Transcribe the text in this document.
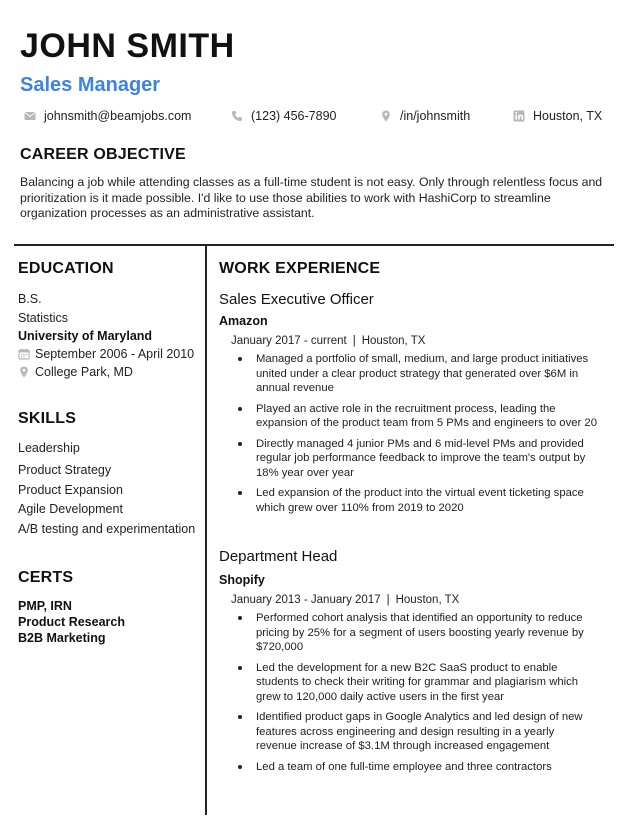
JOHN SMITH
Sales Manager
johnsmith@beamjobs.com	(123) 456-7890	/in/johnsmith	Houston, TX
CAREER OBJECTIVE
Balancing a job while attending classes as a full-time student is not easy. Only through relentless focus and prioritization is it made possible. I'd like to use those abilities to work with HashiCorp to streamline organization processes as an administrative assistant.
EDUCATION
B.S.
Statistics
University of Maryland
September 2006 - April 2010
College Park, MD
SKILLS
Leadership
Product Strategy
Product Expansion
Agile Development
A/B testing and experimentation
CERTS
PMP, IRN
Product Research
B2B Marketing
WORK EXPERIENCE
Sales Executive Officer
Amazon
January 2017 - current | Houston, TX
Managed a portfolio of small, medium, and large product initiatives united under a clear product strategy that generated over $6M in annual revenue
Played an active role in the recruitment process, leading the expansion of the product team from 5 PMs and engineers to over 20
Directly managed 4 junior PMs and 6 mid-level PMs and provided regular job performance feedback to improve the team's output by 18% year over year
Led expansion of the product into the virtual event ticketing space which grew over 110% from 2019 to 2020
Department Head
Shopify
January 2013 - January 2017 | Houston, TX
Performed cohort analysis that identified an opportunity to reduce pricing by 25% for a segment of users boosting yearly revenue by $720,000
Led the development for a new B2C SaaS product to enable students to check their writing for grammar and plagiarism which grew to 120,000 daily active users in the first year
Identified product gaps in Google Analytics and led design of new features across engineering and design resulting in a yearly revenue increase of $3.1M through increased engagement
Led a team of one full-time employee and three contractors
